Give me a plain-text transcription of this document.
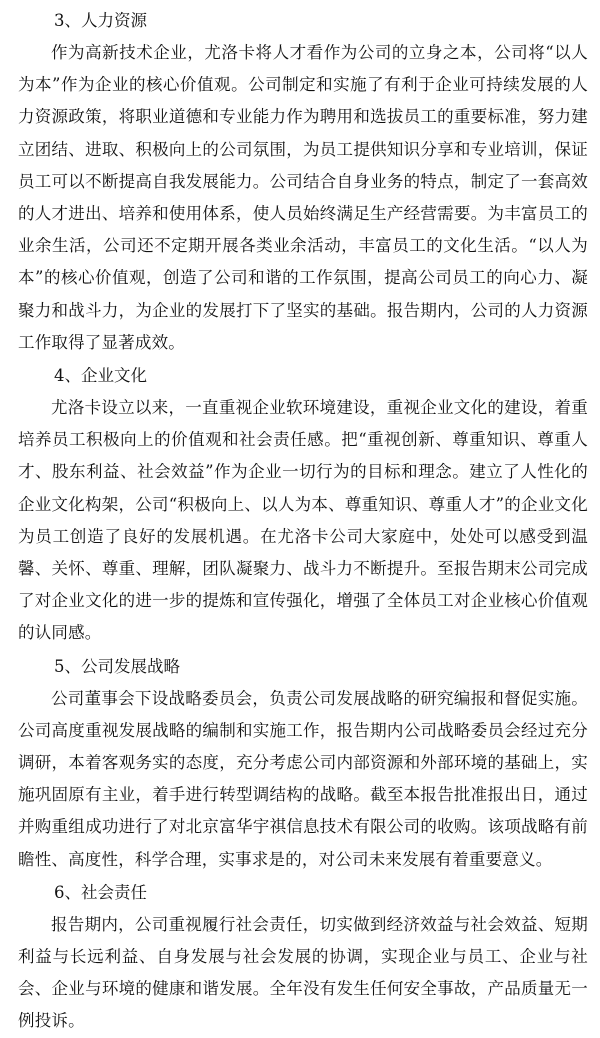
3、人力资源

作为高新技术企业，尤洛卡将人才看作为公司的立身之本，公司将“以人为本”作为企业的核心价值观。公司制定和实施了有利于企业可持续发展的人力资源政策，将职业道德和专业能力作为聘用和选拔员工的重要标准，努力建立团结、进取、积极向上的公司氛围，为员工提供知识分享和专业培训，保证员工可以不断提高自我发展能力。公司结合自身业务的特点，制定了一套高效的人才进出、培养和使用体系，使人员始终满足生产经营需要。为丰富员工的业余生活，公司还不定期开展各类业余活动，丰富员工的文化生活。“以人为本”的核心价值观，创造了公司和谐的工作氛围，提高公司员工的向心力、凝聚力和战斗力，为企业的发展打下了坚实的基础。报告期内，公司的人力资源工作取得了显著成效。

4、企业文化

尤洛卡设立以来，一直重视企业软环境建设，重视企业文化的建设，着重培养员工积极向上的价值观和社会责任感。把“重视创新、尊重知识、尊重人才、股东利益、社会效益”作为企业一切行为的目标和理念。建立了人性化的企业文化构架，公司“积极向上、以人为本、尊重知识、尊重人才”的企业文化为员工创造了良好的发展机遇。在尤洛卡公司大家庭中，处处可以感受到温馨、关怀、尊重、理解，团队凝聚力、战斗力不断提升。至报告期末公司完成了对企业文化的进一步的提炼和宣传强化，增强了全体员工对企业核心价值观的认同感。

5、公司发展战略

公司董事会下设战略委员会，负责公司发展战略的研究编报和督促实施。公司高度重视发展战略的编制和实施工作，报告期内公司战略委员会经过充分调研，本着客观务实的态度，充分考虑公司内部资源和外部环境的基础上，实施巩固原有主业，着手进行转型调结构的战略。截至本报告批准报出日，通过并购重组成功进行了对北京富华宇祺信息技术有限公司的收购。该项战略有前瞻性、高度性，科学合理，实事求是的，对公司未来发展有着重要意义。

6、社会责任

报告期内，公司重视履行社会责任，切实做到经济效益与社会效益、短期利益与长远利益、自身发展与社会发展的协调，实现企业与员工、企业与社会、企业与环境的健康和谐发展。全年没有发生任何安全事故，产品质量无一例投诉。
